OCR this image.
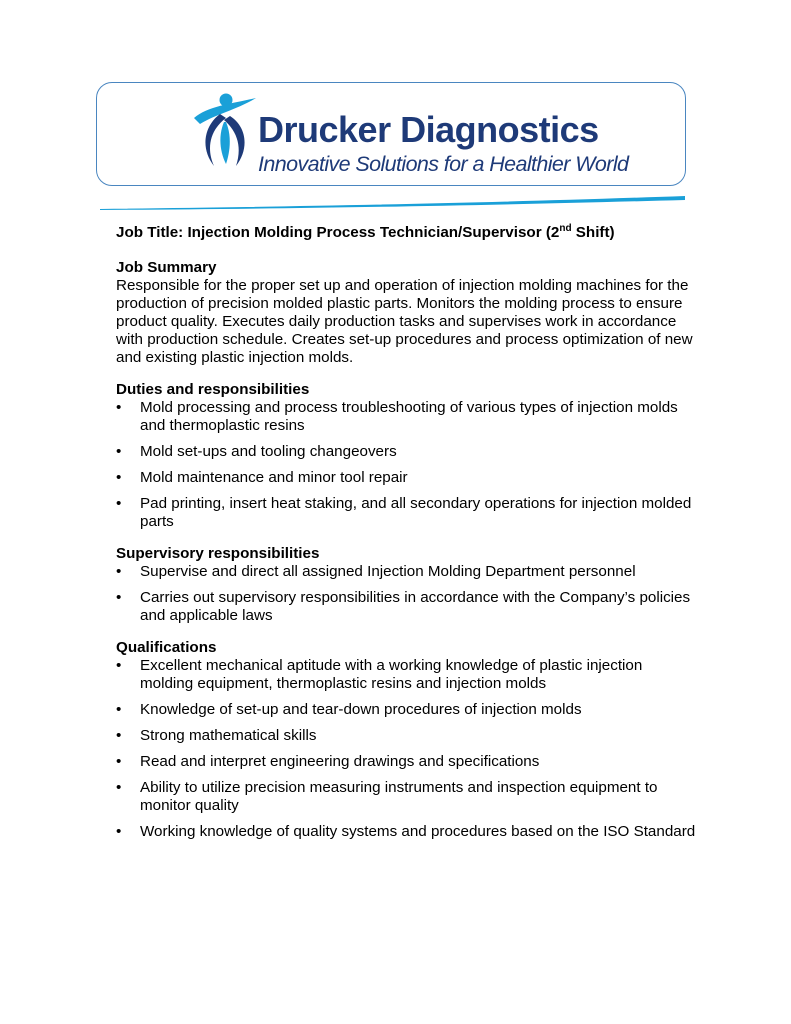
Drucker Diagnostics
Innovative Solutions for a Healthier World

Job Title: Injection Molding Process Technician/Supervisor (2nd Shift)

Job Summary

Responsible for the proper set up and operation of injection molding machines for the production of precision molded plastic parts. Monitors the molding process to ensure product quality. Executes daily production tasks and supervises work in accordance with production schedule. Creates set-up procedures and process optimization of new and existing plastic injection molds.

Duties and responsibilities

• Mold processing and process troubleshooting of various types of injection molds and thermoplastic resins
• Mold set-ups and tooling changeovers
• Mold maintenance and minor tool repair
• Pad printing, insert heat staking, and all secondary operations for injection molded parts

Supervisory responsibilities

• Supervise and direct all assigned Injection Molding Department personnel
• Carries out supervisory responsibilities in accordance with the Company’s policies and applicable laws

Qualifications

• Excellent mechanical aptitude with a working knowledge of plastic injection molding equipment, thermoplastic resins and injection molds
• Knowledge of set-up and tear-down procedures of injection molds
• Strong mathematical skills
• Read and interpret engineering drawings and specifications
• Ability to utilize precision measuring instruments and inspection equipment to monitor quality
• Working knowledge of quality systems and procedures based on the ISO Standard
